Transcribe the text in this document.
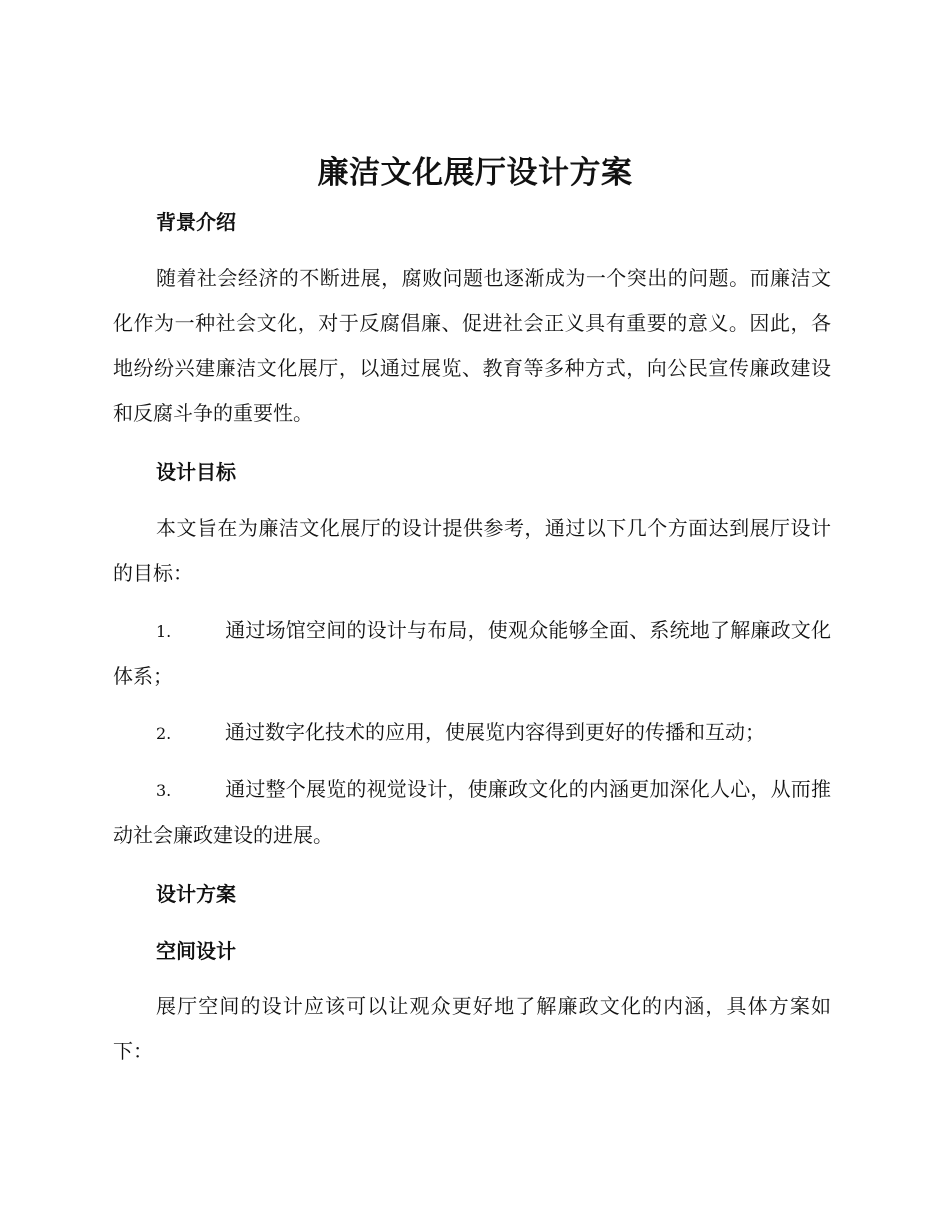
廉洁文化展厅设计方案
背景介绍

随着社会经济的不断进展，腐败问题也逐渐成为一个突出的问题。而廉洁文化作为一种社会文化，对于反腐倡廉、促进社会正义具有重要的意义。因此，各地纷纷兴建廉洁文化展厅，以通过展览、教育等多种方式，向公民宣传廉政建设和反腐斗争的重要性。

设计目标

本文旨在为廉洁文化展厅的设计提供参考，通过以下几个方面达到展厅设计的目标：

1.	通过场馆空间的设计与布局，使观众能够全面、系统地了解廉政文化体系；

2.	通过数字化技术的应用，使展览内容得到更好的传播和互动；

3.	通过整个展览的视觉设计，使廉政文化的内涵更加深化人心，从而推动社会廉政建设的进展。

设计方案
空间设计

展厅空间的设计应该可以让观众更好地了解廉政文化的内涵，具体方案如下：
